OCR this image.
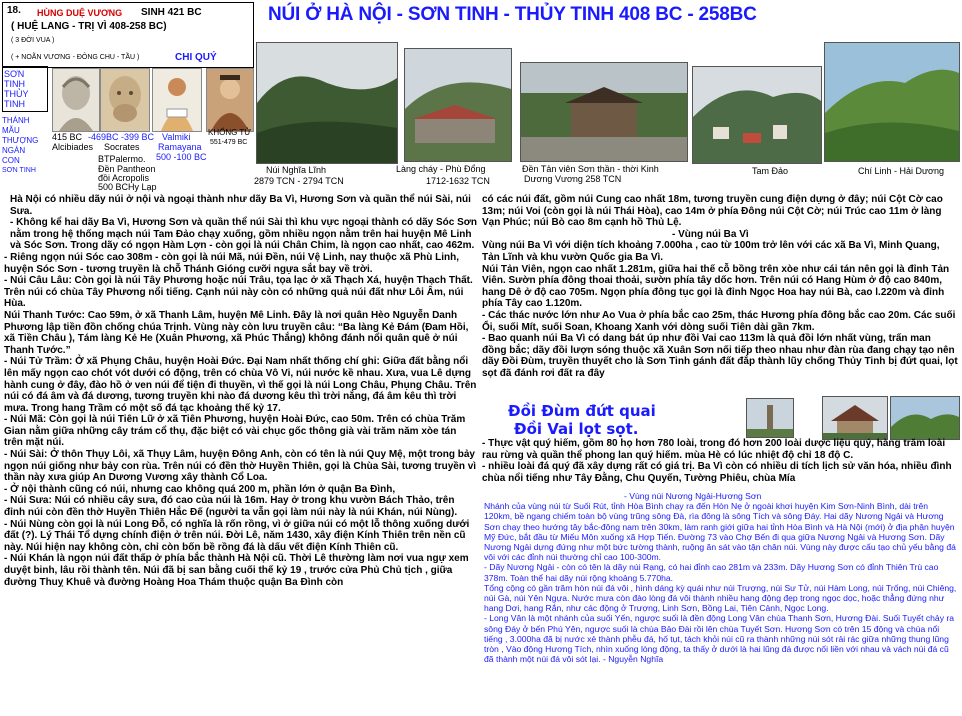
18. HÙNG DUỆ VƯƠNG SINH 421 BC
( HUỆ LANG - TRỊ VÌ 408-258 BC)
( 3 ĐỜI VUA )
( + NOÃN VƯƠNG - ĐÔNG CHU - TẦU )	CHI QUÝ
NÚI Ở HÀ NỘI - SƠN TINH - THỦY TINH 408 BC - 258BC
SƠN
TINH
THỦY
TINH
THÁNH
MẪU
THƯỢNG
NGÀN
CON
SƠN TINH
415 BC
Alcibiades
-469BC -399 BC
Socrates
Valmiki
Ramayana
KHỔNG TỬ
551-479 BC
500 -100 BC
BTPalermo.
Đền Pantheon
đồi Acropolis
500 BCHy Lạp
Núi Nghĩa Lĩnh
2879 TCN - 2794 TCN
Làng cháy - Phù Đổng
1712-1632 TCN
Đền Tản viên Sơn thần - thời Kinh
Dương Vương 258 TCN
Tam Đảo	Chí Linh - Hải Dương

Hà Nội có nhiều dãy núi ở nội và ngoại thành như dãy Ba Vì, Hương Sơn và quần thể núi Sài, núi Sưa.

- Không kể hai dãy Ba Vì, Hương Sơn và quần thể núi Sài thì khu vực ngoại thành có dãy Sóc Sơn nằm trong hệ thống mạch núi Tam Đảo chạy xuống, gồm nhiều ngọn nằm trên hai huyện Mê Linh và Sóc Sơn. Trong dãy có ngọn Hàm Lợn - còn gọi là núi Chân Chim, là ngọn cao nhất, cao 462m.

- Riêng ngọn núi Sóc cao 308m - còn gọi là núi Mã, núi Đền, núi Vệ Linh, nay thuộc xã Phù Linh, huyện Sóc Sơn - tương truyền là chỗ Thánh Gióng cưỡi ngựa sắt bay về trời.

- Núi Câu Lâu: Còn gọi là núi Tây Phương hoặc núi Trâu, tọa lạc ở xã Thạch Xá, huyện Thạch Thất. Trên núi có chùa Tây Phương nổi tiếng. Cạnh núi này còn có những quả núi đất như Lôi Âm, núi Hùa.

Núi Thanh Tước: Cao 59m, ở xã Thanh Lâm, huyện Mê Linh. Đây là nơi quân Hèo Nguyễn Danh Phương lập tiền đồn chống chúa Trịnh. Vùng này còn lưu truyền câu: “Ba làng Kẻ Đám (Đam Hồi, xã Tiền Châu ), Tám làng Kẻ He (Xuân Phương, xã Phúc Thắng) không đánh nổi quân quê ở núi Thanh Tước.”

- Núi Tử Trầm: Ở xã Phụng Châu, huyện Hoài Đức. Đại Nam nhất thống chí ghi: Giữa đất bằng nổi lên mấy ngọn cao chót vót dưới có động, trên có chùa Vô Vi, núi nước kề nhau. Xưa, vua Lê dựng hành cung ở đây, đào hồ ở ven núi để tiện đi thuyền, vì thế gọi là núi Long Châu, Phụng Châu. Trên núi có đá âm và đá dương, tương truyền khi nào đá dương kêu thì trời nắng, đá âm kêu thì trời mưa. Trong hang Trầm có một số đá tạc khoảng thế kỷ 17.

- Núi Mã: Còn gọi là núi Tiên Lữ ở xã Tiên Phương, huyện Hoài Đức, cao 50m. Trên có chùa Trăm Gian nằm giữa những cây trám cổ thụ, đặc biệt có vài chục gốc thông già vài trăm năm xòe tán trên mặt núi.

- Núi Sài: Ở thôn Thụy Lôi, xã Thụy Lâm, huyện Đông Anh, còn có tên là núi Quy Mệ, một trong bảy ngọn núi giống như bảy con rùa. Trên núi có đền thờ Huyền Thiên, gọi là Chùa Sài, tương truyền vì thần này xưa giúp An Dương Vương xây thành Cổ Loa.

- Ở nội thành cũng có núi, nhưng cao không quá 200 m, phần lớn ở quận Ba Đình,

- Núi Sưa: Núi có nhiều cây sưa, đó cao của núi là 16m. Hay ở trong khu vườn Bách Thảo, trên đỉnh núi còn đền thờ Huyền Thiên Hắc Đế (người ta vẫn gọi làm núi này là núi Khán, núi Nùng).

- Núi Nùng còn gọi là núi Long Đỗ, có nghĩa là rốn rồng, vì ở giữa núi có một lỗ thông xuống dưới đất (?). Lý Thái Tổ dựng chính điện ở trên núi. Đời Lê, năm 1430, xây điện Kính Thiên trên nền cũ này. Núi hiện nay không còn, chỉ còn bốn bề rồng đá là dấu vết điện Kính Thiên cũ.

- Núi Khán là ngọn núi đất thấp ở phía bắc thành Hà Nội cũ. Thời Lê thường làm nơi vua ngự xem duyệt binh, lâu rồi thành tên. Núi đã bị san bằng cuối thế kỷ 19 , trước cửa Phủ Chủ tịch , giữa đường Thuỵ Khuê và đường Hoàng Hoa Thám thuộc quận Ba Đình còn

có các núi đất, gồm núi Cung cao nhất 18m, tương truyền cung điện dựng ở đây; núi Cột Cờ cao 13m; núi Voi (còn gọi là núi Thái Hòa), cao 14m ở phía Đông núi Cột Cờ; núi Trúc cao 11m ở làng Vạn Phúc; núi Bò cao 8m cạnh hồ Thủ Lệ.

- Vùng núi Ba Vì

Vùng núi Ba Vì với diện tích khoảng 7.000ha , cao từ 100m trở lên với các xã Ba Vì, Minh Quang, Tản Lĩnh và khu vườn Quốc gia Ba Vì.

Núi Tản Viên, ngọn cao nhất 1.281m, giữa hai thế cỗ bồng trên xòe như cái tán nên gọi là đỉnh Tản Viên. Sườn phía đông thoai thoải, sườn phía tây dốc hơn. Trên núi có Hang Hùm ở độ cao 840m, hang Dê ở độ cao 705m. Ngọn phía đông tục gọi là đỉnh Ngọc Hoa hay núi Bà, cao l.220m và đỉnh phía Tây cao 1.120m.

- Các thác nước lớn như Ao Vua ở phía bắc cao 25m, thác Hương phía đông bắc cao 20m. Các suối Ổi, suối Mít, suối Soan, Khoang Xanh với dòng suối Tiên dài gần 7km.

- Bao quanh núi Ba Vì có dang bát úp như đồi Vai cao 113m là quả đồi lớn nhất vùng, trấn man đồng bắc; dãy đồi lượn sóng thuộc xã Xuân Sơn nối tiếp theo nhau như đàn rùa đang chạy tạo nên dãy Đồi Đùm, truyền thuyết cho là Sơn Tinh gánh đất đắp thành lũy chống Thủy Tinh bị đứt quai, lọt sọt đã đánh rơi đất ra đây

Đồi Đùm đứt quai
Đồi Vai lọt sọt.

- Thực vật quý hiếm, gồm 80 họ hơn 780 loài, trong đó hơn 200 loài dược liệu quý, hàng trăm loài rau rừng và quần thể phong lan quý hiếm. mùa Hè có lúc nhiệt độ chỉ 18 độ C.

- nhiều loài đá quý đã xây dựng rất có giá trị. Ba Vì còn có nhiều di tích lịch sử văn hóa, nhiều đình chùa nổi tiếng như Tây Đằng, Chu Quyến, Tường Phiêu, chùa Mía

- Vùng núi Nương Ngải-Hương Sơn

Nhánh của vùng núi từ Suối Rút, tỉnh Hòa Bình chạy ra đến Hòn Nẹ ở ngoài khơi huyện Kim Sơn-Ninh Bình, dài trên 120km, bề ngang chiếm toàn bộ vùng trũng sông Đà, rìa đông là sông Tích và sông Đáy. Hai dãy Nương Ngải và Hương Sơn chạy theo hướng tây bắc-đông nam trên 30km, làm ranh giới giữa hai tỉnh Hòa Bình và Hà Nội (mới) ở địa phận huyện Mỹ Đức, bắt đầu từ Miếu Môn xuống xã Hợp Tiến. Đường 73 vào Chợ Bến đi qua giữa Nương Ngải và Hương Sơn. Dãy Nương Ngải dựng đứng như một bức tường thành, ruộng ăn sát vào tận chân núi. Vùng này được cấu tạo chủ yếu bằng đá vôi với các đỉnh núi thường chỉ cao 100-300m.

- Dãy Nương Ngải - còn có tên là dãy núi Rạng, có hai đỉnh cao 281m và 233m. Dãy Hương Sơn có đỉnh Thiên Trù cao 378m. Toàn thể hai dãy núi rộng khoảng 5.770ha.

Tổng cộng có gần trăm hòn núi đá vôi , hình dáng kỳ quái như núi Trượng, núi Sư Tử, núi Hàm Long, núi Trống, núi Chiêng, núi Gà, núi Yên Ngựa. Nước mưa còn đào lòng đá vôi thành nhiều hang động đẹp trong ngọc dọc, hoặc thẳng đứng như hang Dơi, hang Rắn, như các động ở Trượng, Linh Sơn, Bồng Lai, Tiên Cảnh, Ngọc Long.

- Long Vân là một nhánh của suối Yến, ngược suối là đền động Long Vân chùa Thanh Sơn, Hương Đài. Suối Tuyết chảy ra sông Đáy ở bến Phú Yên, ngược suối là chùa Bảo Đài rồi lên chùa Tuyết Sơn. Hương Sơn có trên 15 động và chùa nổi tiếng , 3.000ha đã bị nước xẻ thành phễu đá, hố tụt, tách khỏi núi cũ ra thành những núi sót rải rác giữa những thung lũng tròn , Vào động Hương Tích, nhìn xuống lòng động, ta thấy ở dưới là hai lũng đá được nối liền với nhau và vách núi đá cũ đã thành một núi đá vôi sót lại. - Nguyễn Nghĩa
